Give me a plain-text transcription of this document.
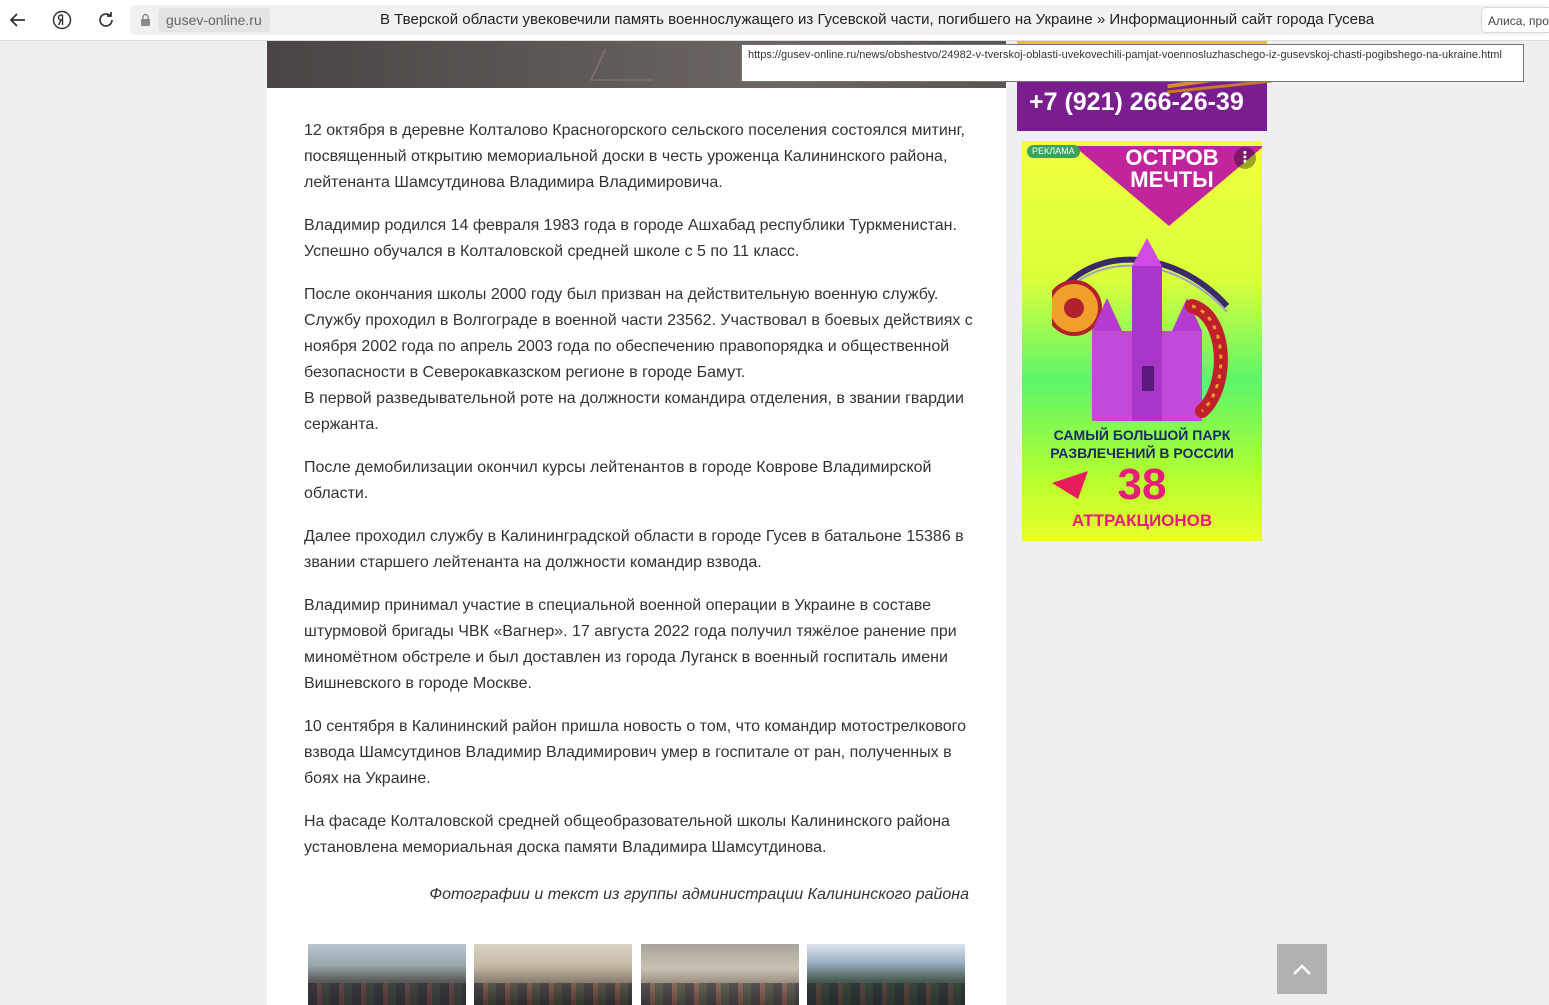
gusev-online.ru	В Тверской области увековечили память военнослужащего из Гусевской части, погибшего на Украине » Информационный сайт города Гусева	Алиса, про

12 октября в деревне Колталово Красногорского сельского поселения состоялся митинг, посвященный открытию мемориальной доски в честь уроженца Калининского района, лейтенанта Шамсутдинова Владимира Владимировича.

Владимир родился 14 февраля 1983 года в городе Ашхабад республики Туркменистан. Успешно обучался в Колталовской средней школе с 5 по 11 класс.

После окончания школы 2000 году был призван на действительную военную службу. Службу проходил в Волгограде в военной части 23562. Участвовал в боевых действиях с ноября 2002 года по апрель 2003 года по обеспечению правопорядка и общественной безопасности в Северокавказском регионе в городе Бамут.

В первой разведывательной роте на должности командира отделения, в звании гвардии сержанта.

После демобилизации окончил курсы лейтенантов в городе Коврове Владимирской области.

Далее проходил службу в Калининградской области в городе Гусев в батальоне 15386 в звании старшего лейтенанта на должности командир взвода.

Владимир принимал участие в специальной военной операции в Украине в составе штурмовой бригады ЧВК «Вагнер». 17 августа 2022 года получил тяжёлое ранение при миномётном обстреле и был доставлен из города Луганск в военный госпиталь имени Вишневского в городе Москве.

10 сентября в Калининский район пришла новость о том, что командир мотострелкового взвода Шамсутдинов Владимир Владимирович умер в госпитале от ран, полученных в боях на Украине.

На фасаде Колталовской средней общеобразовательной школы Калининского района установлена мемориальная доска памяти Владимира Шамсутдинова.

Фотографии и текст из группы администрации Калининского района
https://gusev-online.ru/news/obshestvo/24982-v-tverskoj-oblasti-uvekovechili-pamjat-voennosluzhaschego-iz-gusevskoj-chasti-pogibshego-na-ukraine.html
+7 (921) 266-26-39
РЕКЛАМА	⋮
ОСТРОВ
МЕЧТЫ
САМЫЙ БОЛЬШОЙ ПАРК
РАЗВЛЕЧЕНИЙ В РОССИИ
38
АТТРАКЦИОНОВ
